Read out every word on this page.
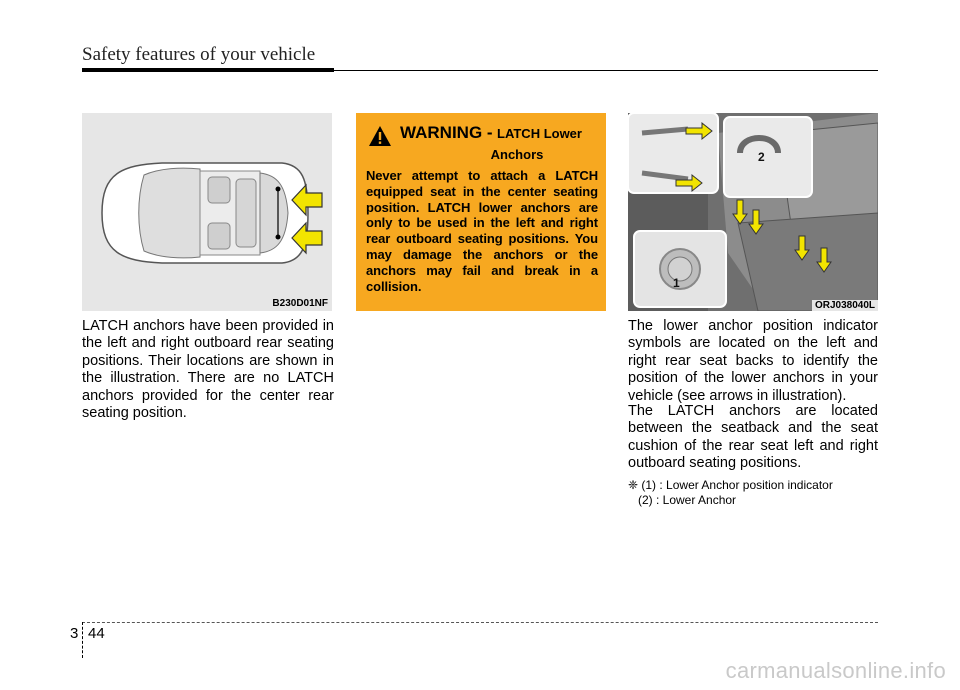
Safety features of your vehicle
B230D01NF

LATCH anchors have been provided in the left and right outboard rear seating positions. Their locations are shown in the illustration. There are no LATCH anchors provided for the center rear seating position.

WARNING - LATCH Lower
Anchors
Never attempt to attach a LATCH equipped seat in the center seating position. LATCH lower anchors are only to be used in the left and right rear outboard seating positions. You may damage the anchors or the anchors may fail and break in a collision.
2
1
ORJ038040L

The lower anchor position indicator symbols are located on the left and right rear seat backs to identify the position of the lower anchors in your vehicle (see arrows in illustration).

The LATCH anchors are located between the seatback and the seat cushion of the rear seat left and right outboard seating positions.

❈ (1) : Lower Anchor position indicator
(2) : Lower Anchor
3 44
carmanualsonline.info
